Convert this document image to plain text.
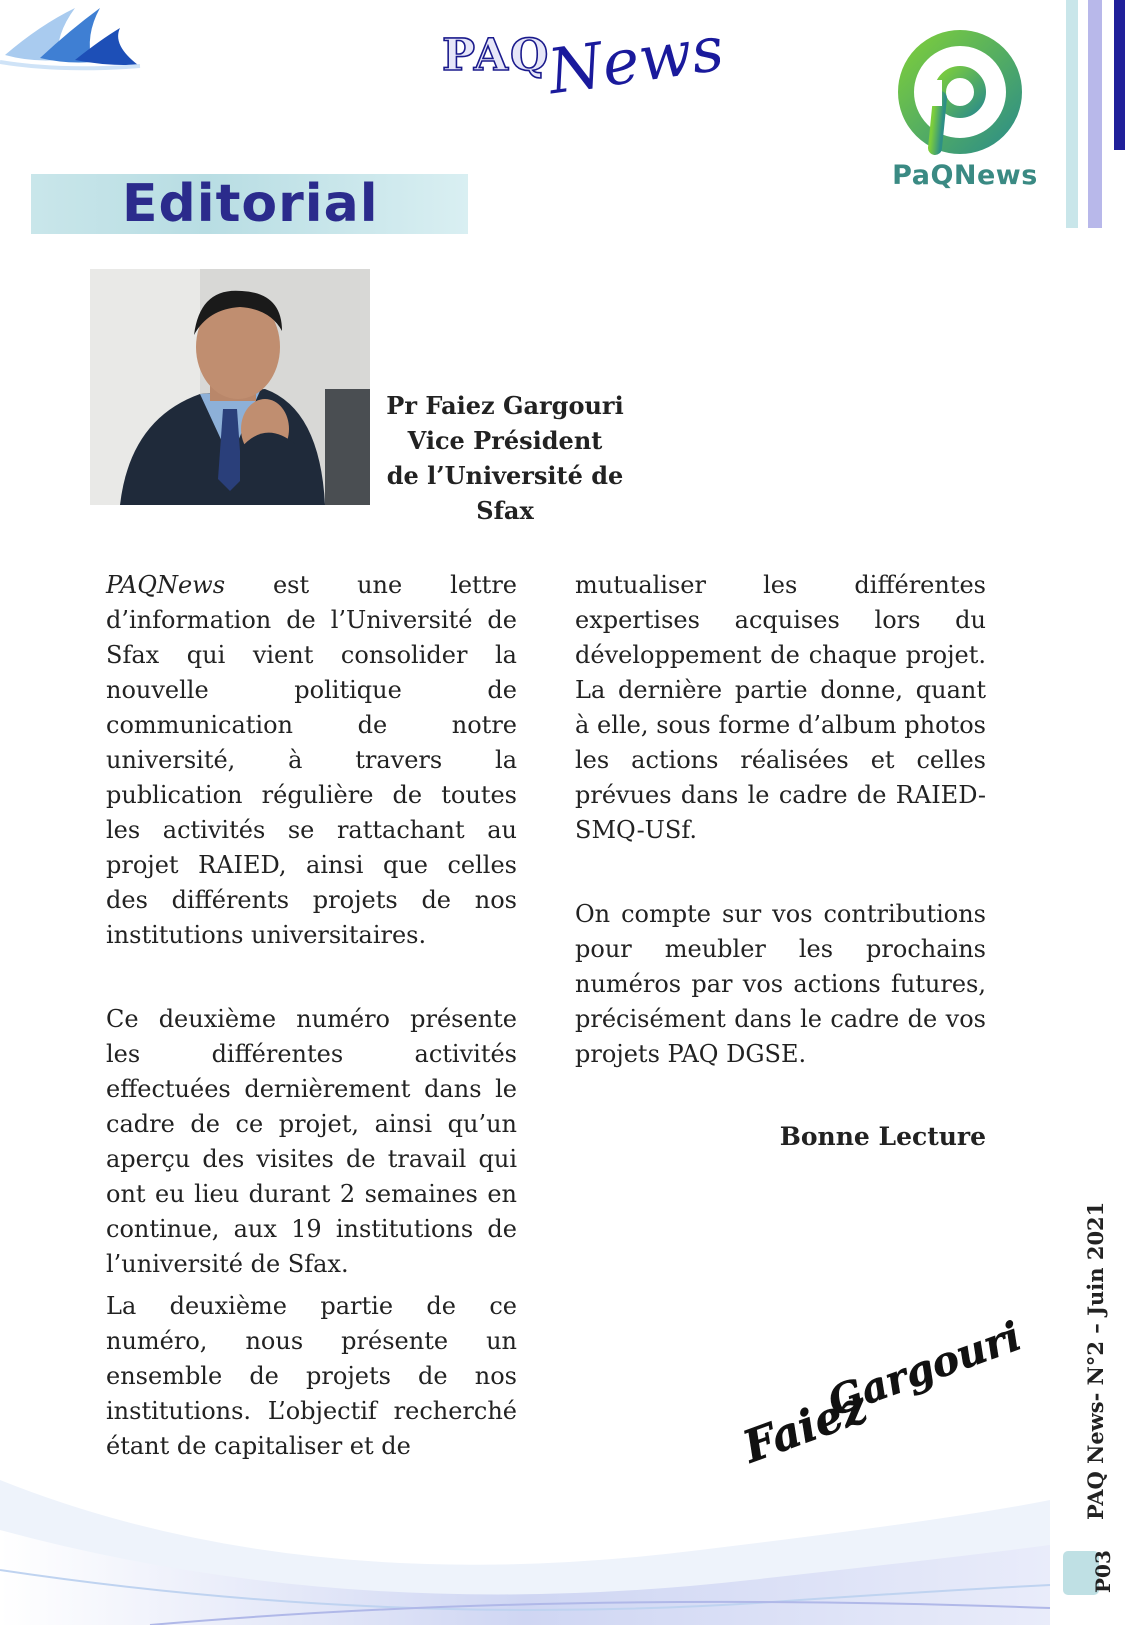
PAQ
News
PaQNews
Editorial
Pr Faiez Gargouri
Vice Président
de l’Université de Sfax

PAQNews est une lettre d’information de l’Université de Sfax qui vient consolider la nouvelle politique de communication de notre université, à travers la publication régulière de toutes les activités se rattachant au projet RAIED, ainsi que celles des différents projets de nos institutions universitaires.

Ce deuxième numéro présente les différentes activités effectuées dernièrement dans le cadre de ce projet, ainsi qu’un aperçu des visites de travail qui ont eu lieu durant 2 semaines en continue, aux 19 institutions de l’université de Sfax.

La deuxième partie de ce numéro, nous présente un ensemble de projets de nos institutions. L’objectif recherché étant de capitaliser et de

mutualiser les différentes expertises acquises lors du développement de chaque projet. La dernière partie donne, quant à elle, sous forme d’album photos les actions réalisées et celles prévues dans le cadre de RAIED-SMQ-USf.

On compte sur vos contributions pour meubler les prochains numéros par vos actions futures, précisément dans le cadre de vos projets PAQ DGSE.

Bonne Lecture
Faiez
Gargouri	PAQ News- N°2 – Juin 2021
P03
